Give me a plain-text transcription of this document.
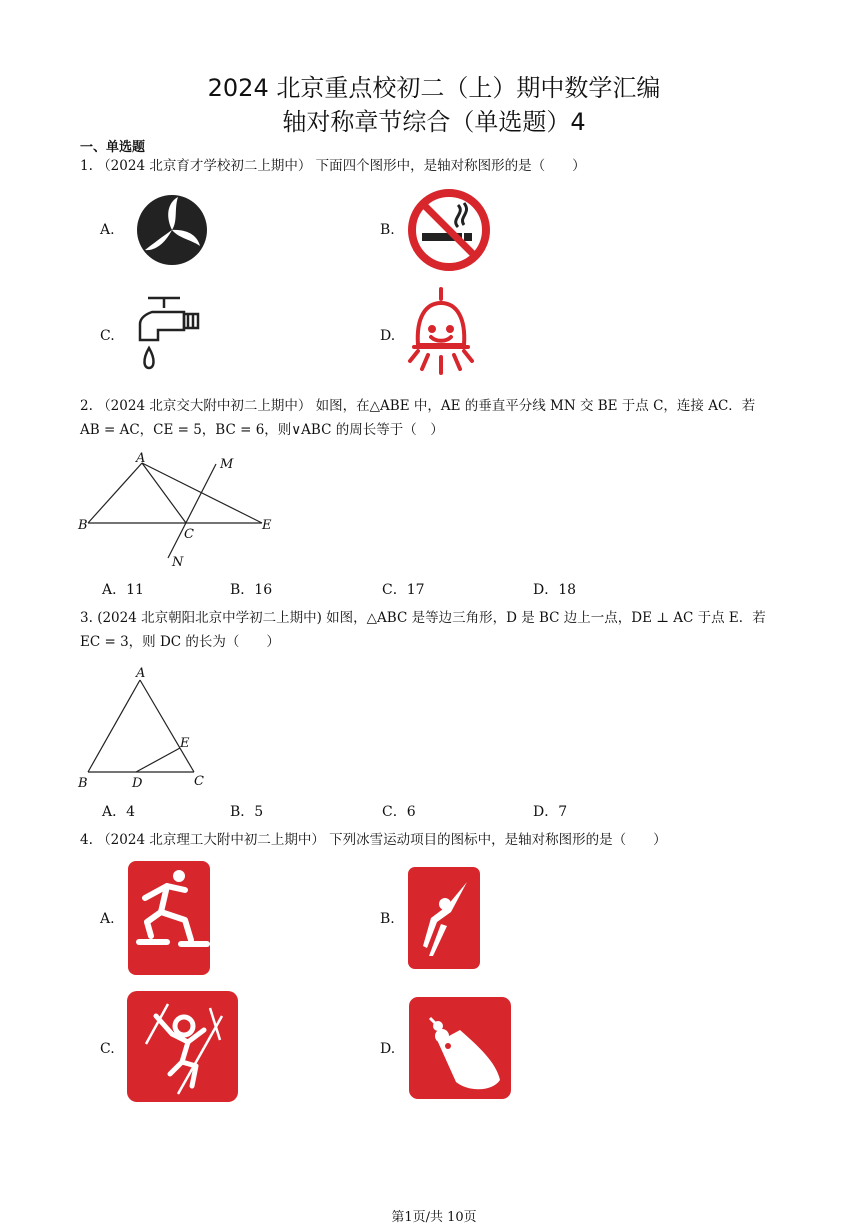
2024 北京重点校初二（上）期中数学汇编
轴对称章节综合（单选题）4
一、单选题
1. （2024 北京育才学校初二上期中） 下面四个图形中，是轴对称图形的是（　　）
A.	B.
C.	D.
2. （2024 北京交大附中初二上期中） 如图，在△ABE 中，AE 的垂直平分线 MN 交 BE 于点 C，连接 AC．若
AB = AC，CE = 5，BC = 6，则∨ABC 的周长等于（　）
A
B
C
E
M
N
A．11	B．16	C．17	D．18
3. (2024 北京朝阳北京中学初二上期中) 如图，△ABC 是等边三角形，D 是 BC 边上一点，DE ⊥ AC 于点 E．若
EC = 3，则 DC 的长为（　　）
A
B	C
D
E
A．4	B．5	C．6	D．7
4. （2024 北京理工大附中初二上期中） 下列冰雪运动项目的图标中，是轴对称图形的是（　　）
A.	B.
C.	D.
第1页/共 10页
